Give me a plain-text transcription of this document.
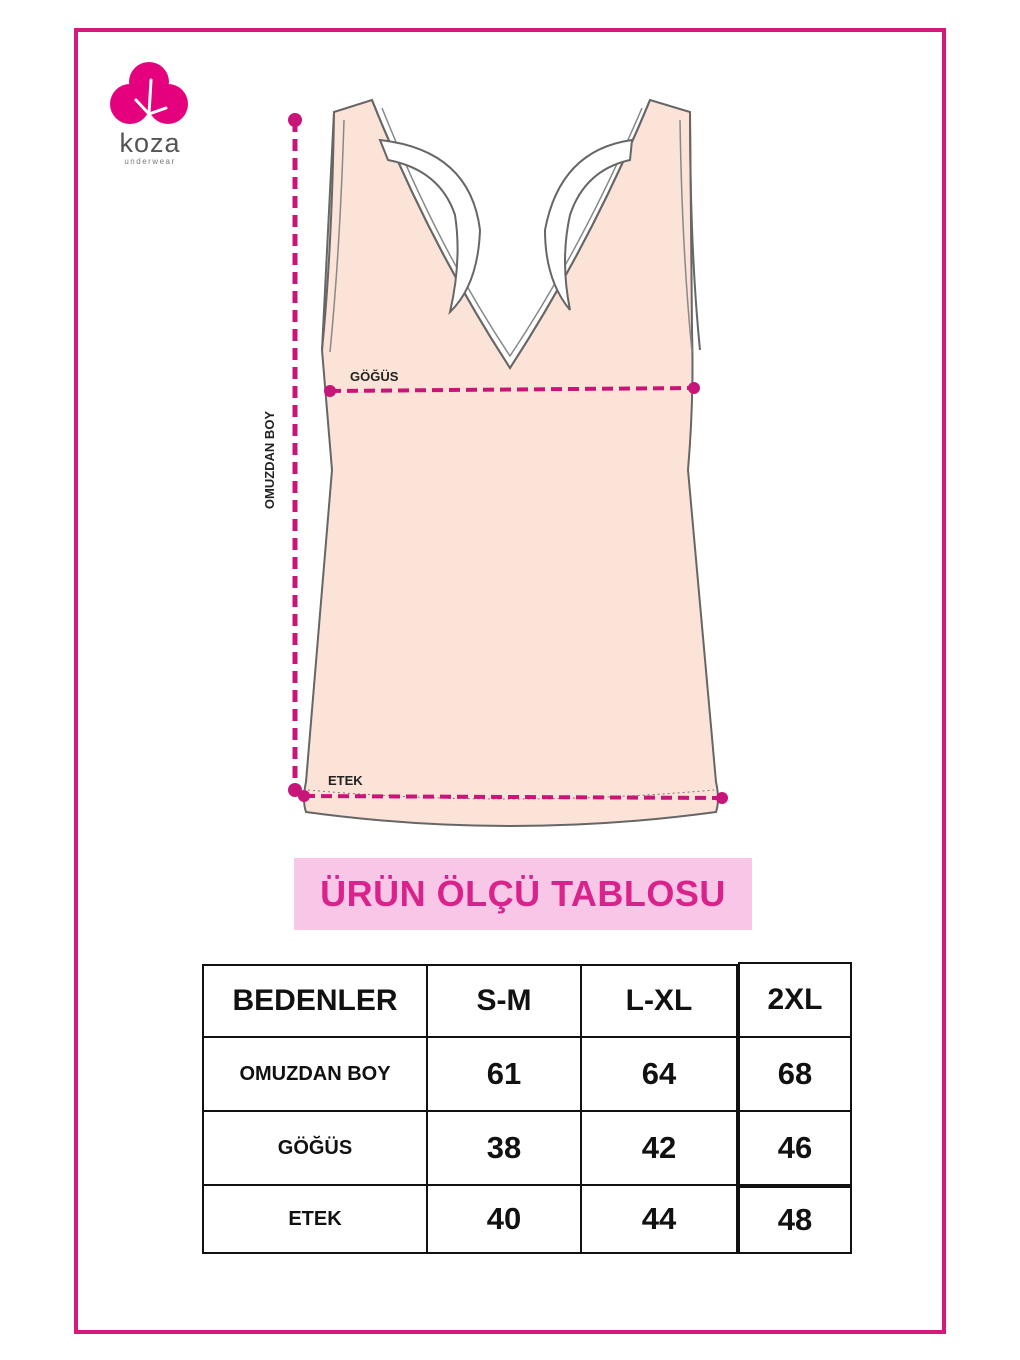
koza
underwear
OMUZDAN BOY
GÖĞÜS
ETEK
ÜRÜN ÖLÇÜ TABLOSU
BEDENLER	S-M	L-XL	2XL
OMUZDAN BOY	61	64	68
GÖĞÜS	38	42	46
ETEK	40	44	48
